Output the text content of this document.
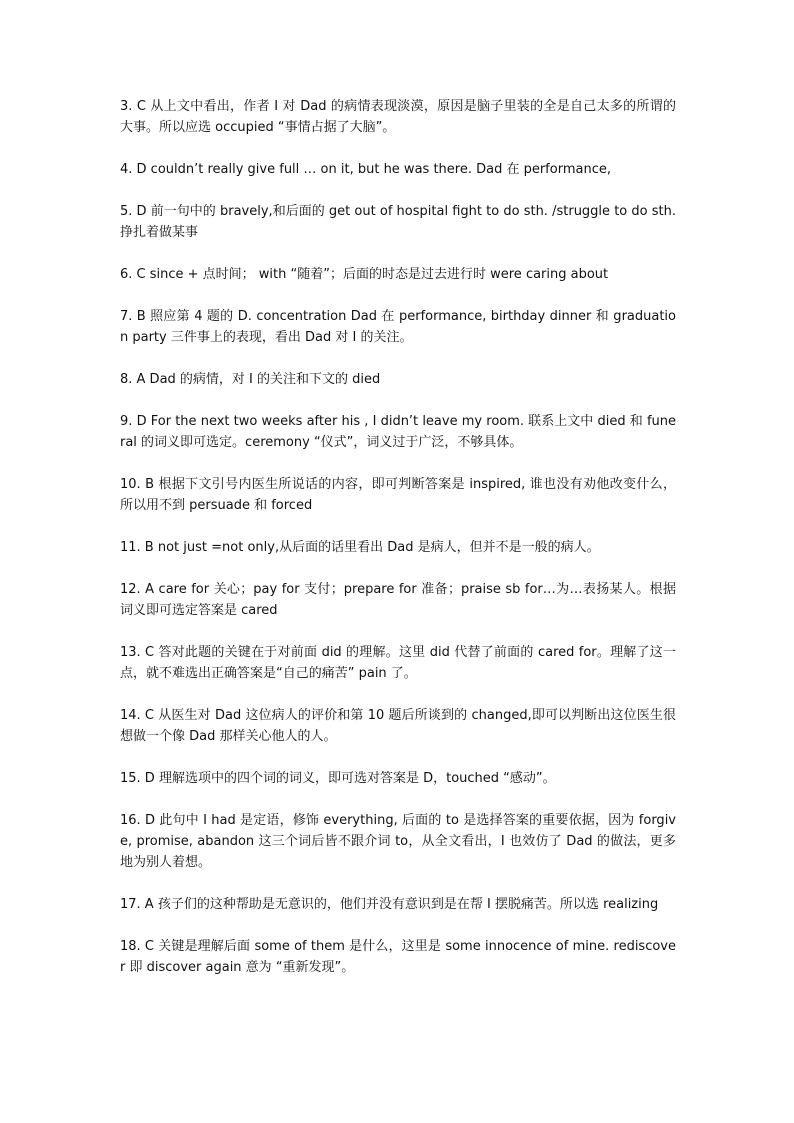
3. C 从上文中看出，作者 I 对 Dad 的病情表现淡漠，原因是脑子里装的全是自己太多的所谓的大事。所以应选 occupied “事情占据了大脑”。

4. D couldn’t really give full … on it, but he was there. Dad 在 performance,

5. D 前一句中的 bravely,和后面的 get out of hospital fight to do sth. /struggle to do sth. 挣扎着做某事

6. C since + 点时间； with “随着”；后面的时态是过去进行时 were caring about

7. B 照应第 4 题的 D. concentration Dad 在 performance, birthday dinner 和 graduation party 三件事上的表现，看出 Dad 对 I 的关注。

8. A Dad 的病情，对 I 的关注和下文的 died

9. D For the next two weeks after his , I didn’t leave my room. 联系上文中 died 和 funeral 的词义即可选定。ceremony “仪式”，词义过于广泛，不够具体。

10. B 根据下文引号内医生所说话的内容，即可判断答案是 inspired, 谁也没有劝他改变什么，所以用不到 persuade 和 forced

11. B not just =not only,从后面的话里看出 Dad 是病人，但并不是一般的病人。

12. A care for 关心；pay for 支付；prepare for 准备；praise sb for…为…表扬某人。根据词义即可选定答案是 cared

13. C 答对此题的关键在于对前面 did 的理解。这里 did 代替了前面的 cared for。理解了这一点，就不难选出正确答案是“自己的痛苦” pain 了。

14. C 从医生对 Dad 这位病人的评价和第 10 题后所谈到的 changed,即可以判断出这位医生很想做一个像 Dad 那样关心他人的人。

15. D 理解选项中的四个词的词义，即可选对答案是 D，touched “感动”。

16. D 此句中 I had 是定语，修饰 everything, 后面的 to 是选择答案的重要依据，因为 forgive, promise, abandon 这三个词后皆不跟介词 to，从全文看出，I 也效仿了 Dad 的做法，更多地为别人着想。

17. A 孩子们的这种帮助是无意识的，他们并没有意识到是在帮 I 摆脱痛苦。所以选 realizing

18. C 关键是理解后面 some of them 是什么，这里是 some innocence of mine. rediscover 即 discover again 意为 “重新发现”。
